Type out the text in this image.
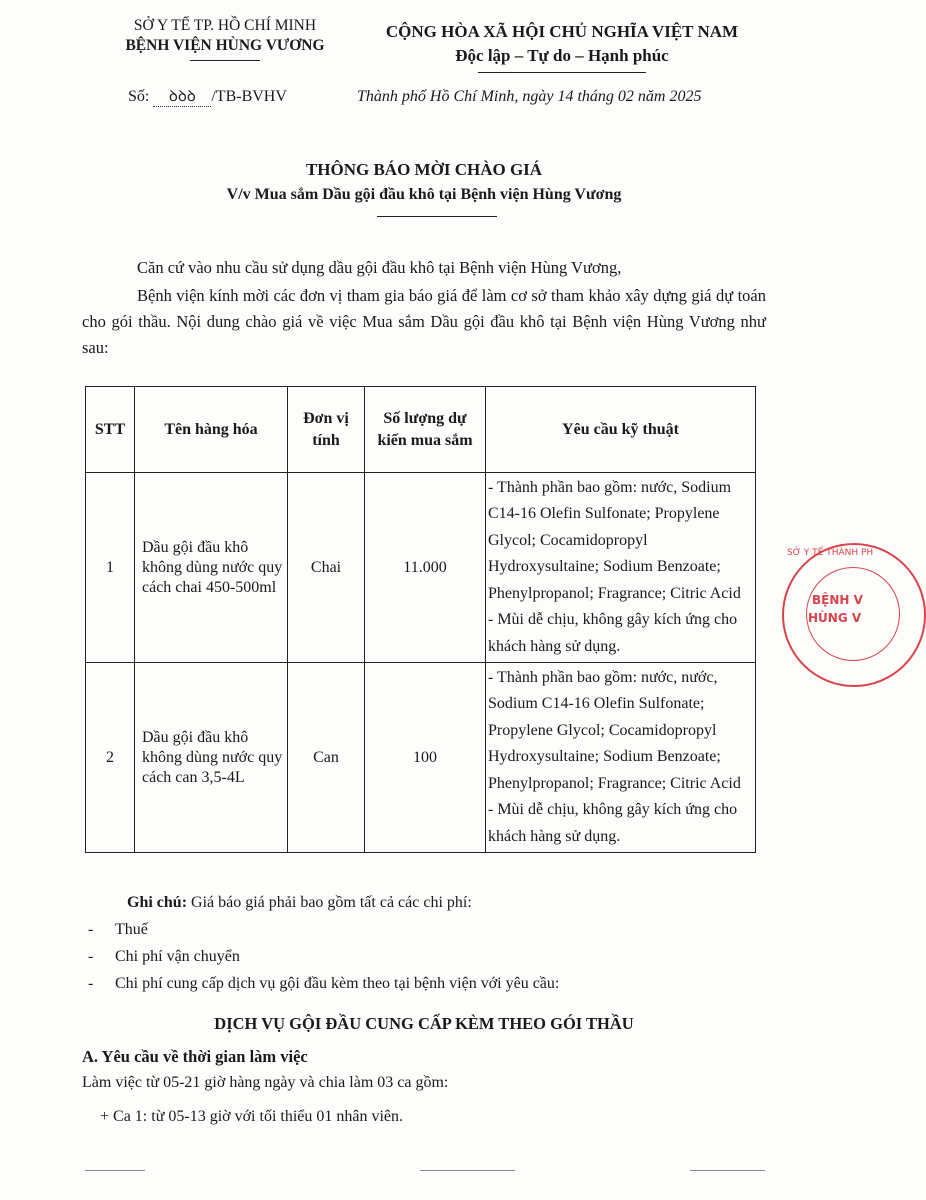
SỞ Y TẾ TP. HỒ CHÍ MINH
BỆNH VIỆN HÙNG VƯƠNG
CỘNG HÒA XÃ HỘI CHỦ NGHĨA VIỆT NAM
Độc lập – Tự do – Hạnh phúc
Số: ꝺꝺꝺ /TB-BVHV	Thành phố Hồ Chí Minh, ngày 14 tháng 02 năm 2025
THÔNG BÁO MỜI CHÀO GIÁ
V/v Mua sắm Dầu gội đầu khô tại Bệnh viện Hùng Vương
Căn cứ vào nhu cầu sử dụng dầu gội đầu khô tại Bệnh viện Hùng Vương,
Bệnh viện kính mời các đơn vị tham gia báo giá để làm cơ sở tham khảo xây dựng giá dự toán cho gói thầu. Nội dung chào giá về việc Mua sắm Dầu gội đầu khô tại Bệnh viện Hùng Vương như sau:
STT	Tên hàng hóa	Đơn vị tính	Số lượng dự kiến mua sắm	Yêu cầu kỹ thuật
1	Dầu gội đầu khô không dùng nước quy cách chai 450-500ml	Chai	11.000	- Thành phần bao gồm: nước, Sodium C14-16 Olefin Sulfonate; Propylene Glycol; Cocamidopropyl Hydroxysultaine; Sodium Benzoate; Phenylpropanol; Fragrance; Citric Acid
- Mùi dễ chịu, không gây kích ứng cho khách hàng sử dụng.

2	Dầu gội đầu khô không dùng nước quy cách can 3,5-4L	Can	100	- Thành phần bao gồm: nước, nước, Sodium C14-16 Olefin Sulfonate; Propylene Glycol; Cocamidopropyl Hydroxysultaine; Sodium Benzoate; Phenylpropanol; Fragrance; Citric Acid
- Mùi dễ chịu, không gây kích ứng cho khách hàng sử dụng.
Ghi chú: Giá báo giá phải bao gồm tất cả các chi phí:
- Thuế
- Chi phí vận chuyển
- Chi phí cung cấp dịch vụ gội đầu kèm theo tại bệnh viện với yêu cầu:
DỊCH VỤ GỘI ĐẦU CUNG CẤP KÈM THEO GÓI THẦU
A. Yêu cầu về thời gian làm việc
Làm việc từ 05-21 giờ hàng ngày và chia làm 03 ca gồm:
+ Ca 1: từ 05-13 giờ với tối thiểu 01 nhân viên.
SỞ Y TẾ THÀNH PH
BỆNH V
HÙNG V
